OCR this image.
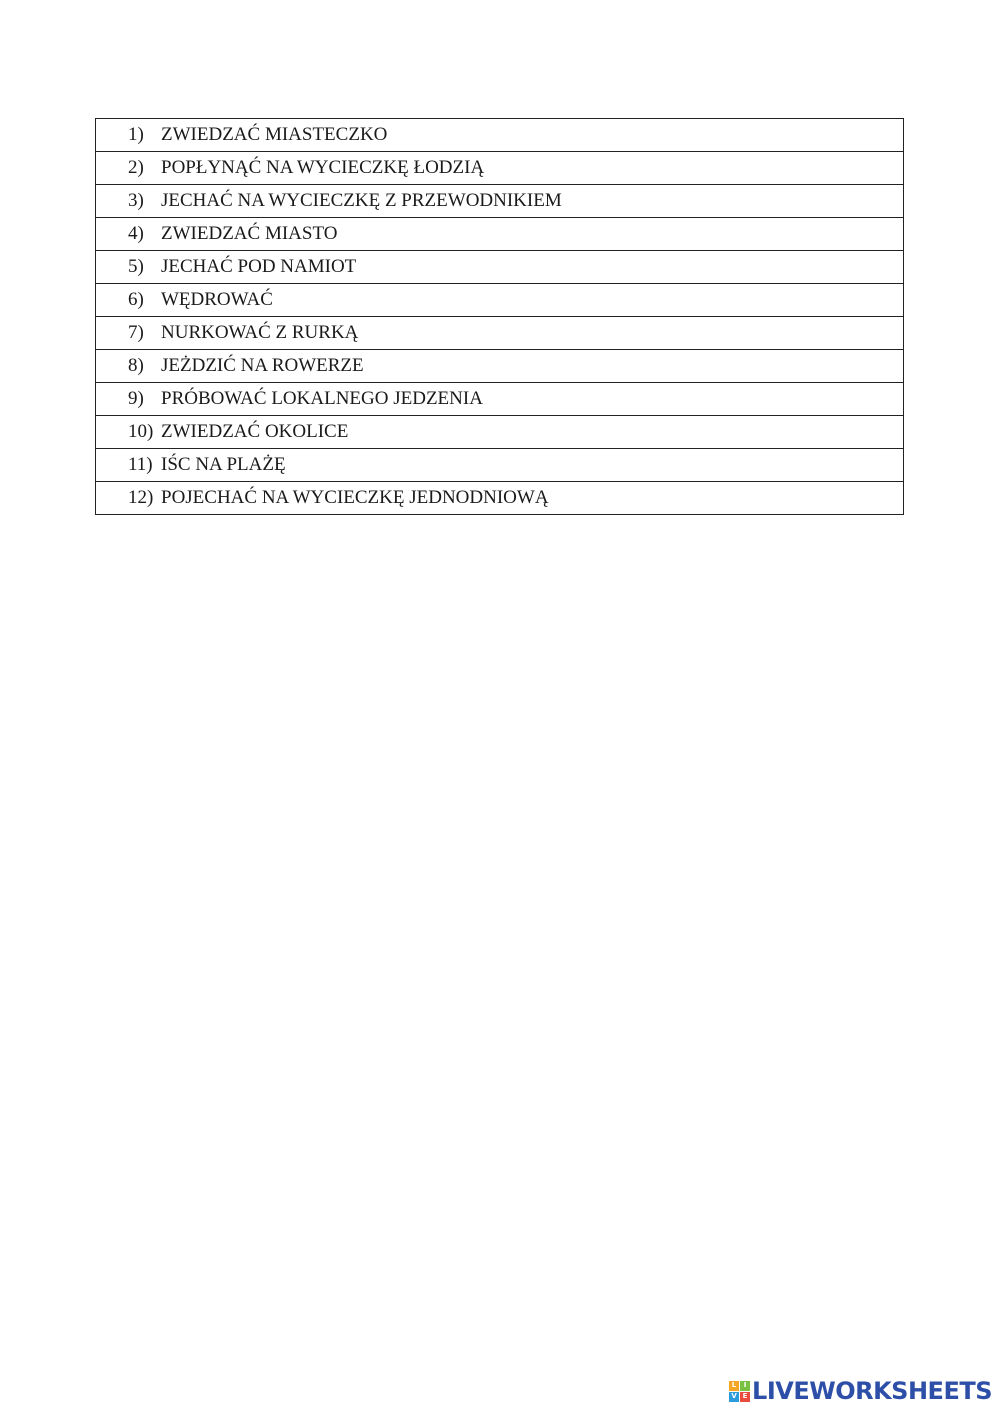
1)	ZWIEDZAĆ MIASTECZKO
2)	POPŁYNĄĆ NA WYCIECZKĘ ŁODZIĄ
3)	JECHAĆ NA WYCIECZKĘ Z PRZEWODNIKIEM
4)	ZWIEDZAĆ MIASTO
5)	JECHAĆ POD NAMIOT
6)	WĘDROWAĆ
7)	NURKOWAĆ Z RURKĄ
8)	JEŻDZIĆ NA ROWERZE
9)	PRÓBOWAĆ LOKALNEGO JEDZENIA
10)	ZWIEDZAĆ OKOLICE
11)	IŚC NA PLAŻĘ
12)	POJECHAĆ NA WYCIECZKĘ JEDNODNIOWĄ
L	I
V E LIVEWORKSHEETS
